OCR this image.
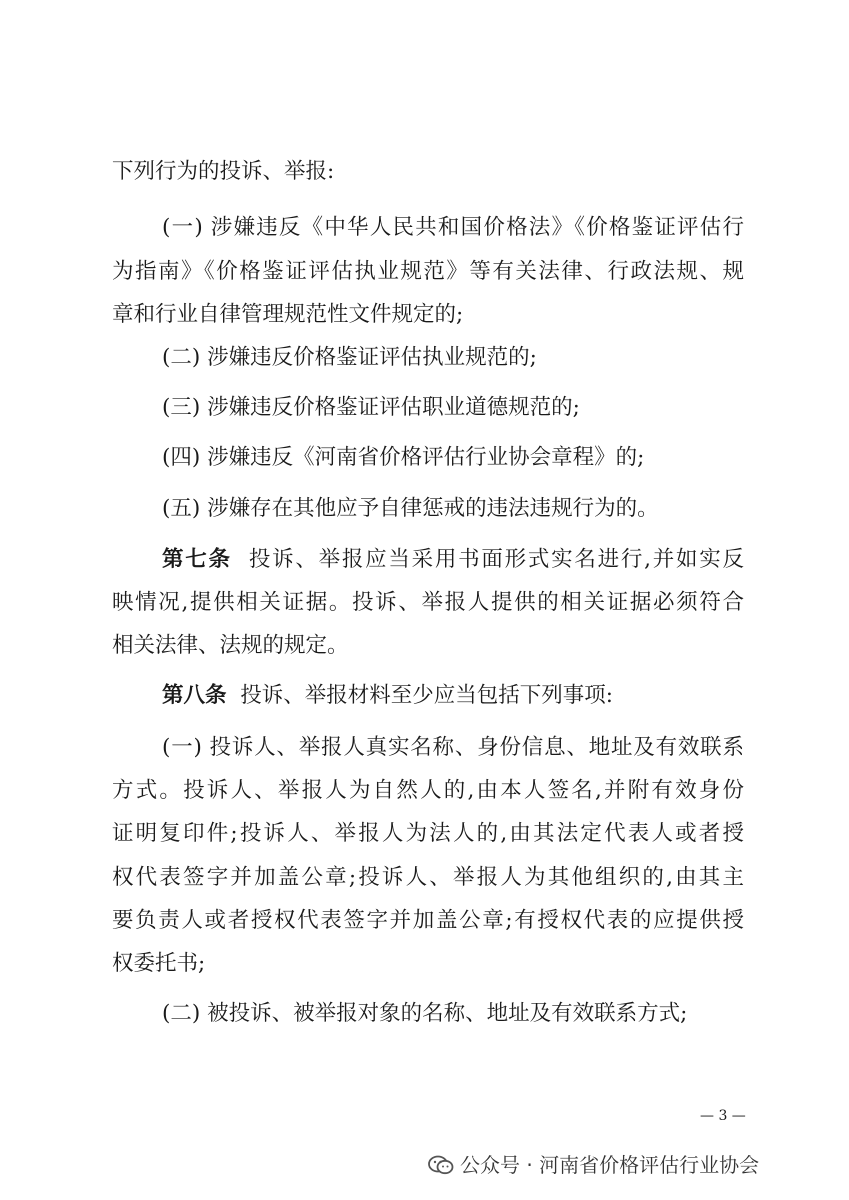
下列行为的投诉、举报:
(一) 涉嫌违反《中华人民共和国价格法》《价格鉴证评估行
为指南》《价格鉴证评估执业规范》等有关法律、行政法规、规
章和行业自律管理规范性文件规定的;
(二) 涉嫌违反价格鉴证评估执业规范的;
(三) 涉嫌违反价格鉴证评估职业道德规范的;
(四) 涉嫌违反《河南省价格评估行业协会章程》的;
(五) 涉嫌存在其他应予自律惩戒的违法违规行为的。
第七条 投诉、举报应当采用书面形式实名进行,并如实反
映情况,提供相关证据。投诉、举报人提供的相关证据必须符合
相关法律、法规的规定。
第八条 投诉、举报材料至少应当包括下列事项:
(一) 投诉人、举报人真实名称、身份信息、地址及有效联系
方式。投诉人、举报人为自然人的,由本人签名,并附有效身份
证明复印件;投诉人、举报人为法人的,由其法定代表人或者授
权代表签字并加盖公章;投诉人、举报人为其他组织的,由其主
要负责人或者授权代表签字并加盖公章;有授权代表的应提供授
权委托书;
(二) 被投诉、被举报对象的名称、地址及有效联系方式;
— 3 —
公众号 · 河南省价格评估行业协会
